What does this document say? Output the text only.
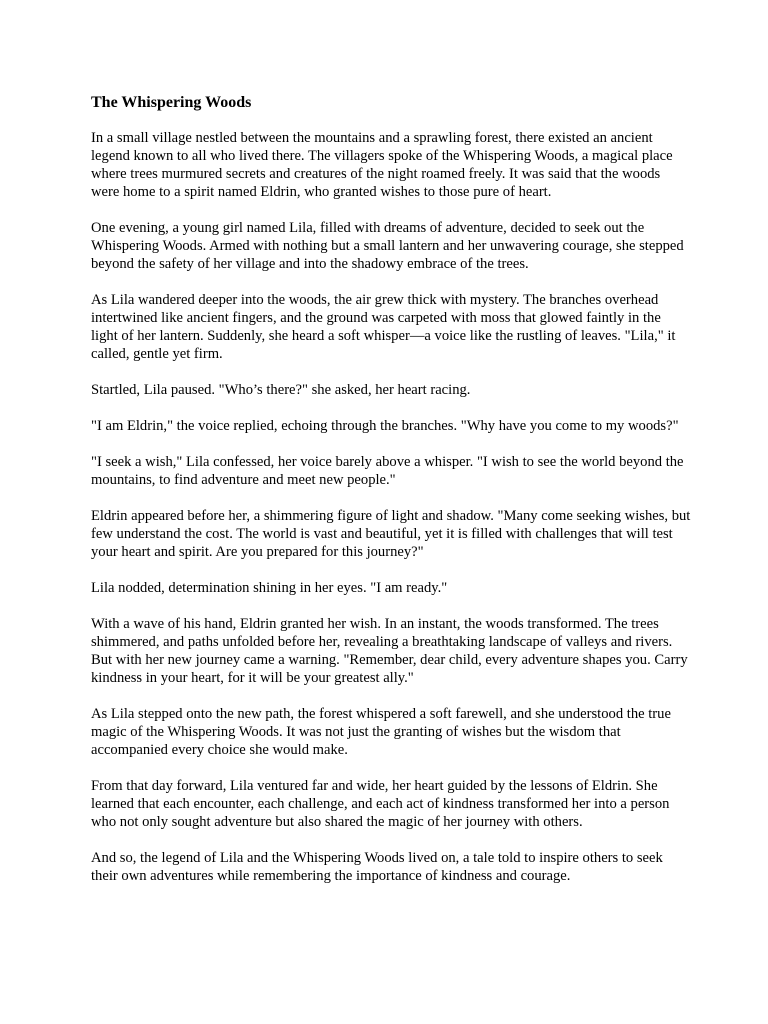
The Whispering Woods

In a small village nestled between the mountains and a sprawling forest, there existed an ancient legend known to all who lived there. The villagers spoke of the Whispering Woods, a magical place where trees murmured secrets and creatures of the night roamed freely. It was said that the woods were home to a spirit named Eldrin, who granted wishes to those pure of heart.

One evening, a young girl named Lila, filled with dreams of adventure, decided to seek out the Whispering Woods. Armed with nothing but a small lantern and her unwavering courage, she stepped beyond the safety of her village and into the shadowy embrace of the trees.

As Lila wandered deeper into the woods, the air grew thick with mystery. The branches overhead intertwined like ancient fingers, and the ground was carpeted with moss that glowed faintly in the light of her lantern. Suddenly, she heard a soft whisper—a voice like the rustling of leaves. "Lila," it called, gentle yet firm.

Startled, Lila paused. "Who’s there?" she asked, her heart racing.

"I am Eldrin," the voice replied, echoing through the branches. "Why have you come to my woods?"

"I seek a wish," Lila confessed, her voice barely above a whisper. "I wish to see the world beyond the mountains, to find adventure and meet new people."

Eldrin appeared before her, a shimmering figure of light and shadow. "Many come seeking wishes, but few understand the cost. The world is vast and beautiful, yet it is filled with challenges that will test your heart and spirit. Are you prepared for this journey?"

Lila nodded, determination shining in her eyes. "I am ready."

With a wave of his hand, Eldrin granted her wish. In an instant, the woods transformed. The trees shimmered, and paths unfolded before her, revealing a breathtaking landscape of valleys and rivers. But with her new journey came a warning. "Remember, dear child, every adventure shapes you. Carry kindness in your heart, for it will be your greatest ally."

As Lila stepped onto the new path, the forest whispered a soft farewell, and she understood the true magic of the Whispering Woods. It was not just the granting of wishes but the wisdom that accompanied every choice she would make.

From that day forward, Lila ventured far and wide, her heart guided by the lessons of Eldrin. She learned that each encounter, each challenge, and each act of kindness transformed her into a person who not only sought adventure but also shared the magic of her journey with others.

And so, the legend of Lila and the Whispering Woods lived on, a tale told to inspire others to seek their own adventures while remembering the importance of kindness and courage.
